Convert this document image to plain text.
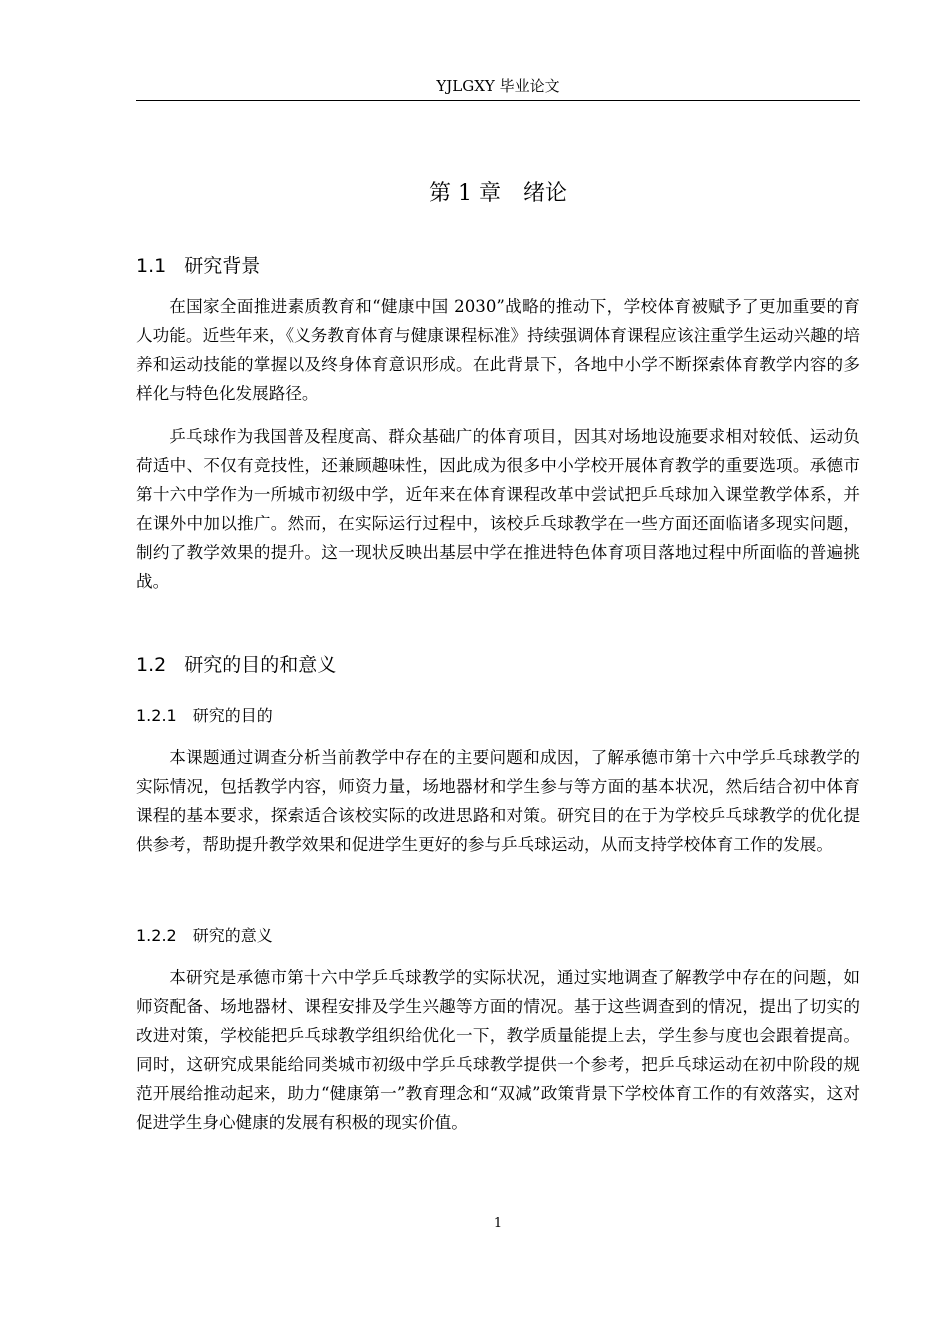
YJLGXY 毕业论文
第 1 章　绪论
1.1 研究背景

在国家全面推进素质教育和“健康中国 2030”战略的推动下，学校体育被赋予了更加重要的育人功能。近些年来，《义务教育体育与健康课程标准》持续强调体育课程应该注重学生运动兴趣的培养和运动技能的掌握以及终身体育意识形成。在此背景下，各地中小学不断探索体育教学内容的多样化与特色化发展路径。

乒乓球作为我国普及程度高、群众基础广的体育项目，因其对场地设施要求相对较低、运动负荷适中、不仅有竞技性，还兼顾趣味性，因此成为很多中小学校开展体育教学的重要选项。承德市第十六中学作为一所城市初级中学，近年来在体育课程改革中尝试把乒乓球加入课堂教学体系，并在课外中加以推广。然而，在实际运行过程中，该校乒乓球教学在一些方面还面临诸多现实问题，制约了教学效果的提升。这一现状反映出基层中学在推进特色体育项目落地过程中所面临的普遍挑战。

1.2 研究的目的和意义
1.2.1 研究的目的

本课题通过调查分析当前教学中存在的主要问题和成因，了解承德市第十六中学乒乓球教学的实际情况，包括教学内容，师资力量，场地器材和学生参与等方面的基本状况，然后结合初中体育课程的基本要求，探索适合该校实际的改进思路和对策。研究目的在于为学校乒乓球教学的优化提供参考，帮助提升教学效果和促进学生更好的参与乒乓球运动，从而支持学校体育工作的发展。

1.2.2 研究的意义

本研究是承德市第十六中学乒乓球教学的实际状况，通过实地调查了解教学中存在的问题，如师资配备、场地器材、课程安排及学生兴趣等方面的情况。基于这些调查到的情况，提出了切实的改进对策，学校能把乒乓球教学组织给优化一下，教学质量能提上去，学生参与度也会跟着提高。同时，这研究成果能给同类城市初级中学乒乓球教学提供一个参考，把乒乓球运动在初中阶段的规范开展给推动起来，助力“健康第一”教育理念和“双减”政策背景下学校体育工作的有效落实，这对促进学生身心健康的发展有积极的现实价值。

1
